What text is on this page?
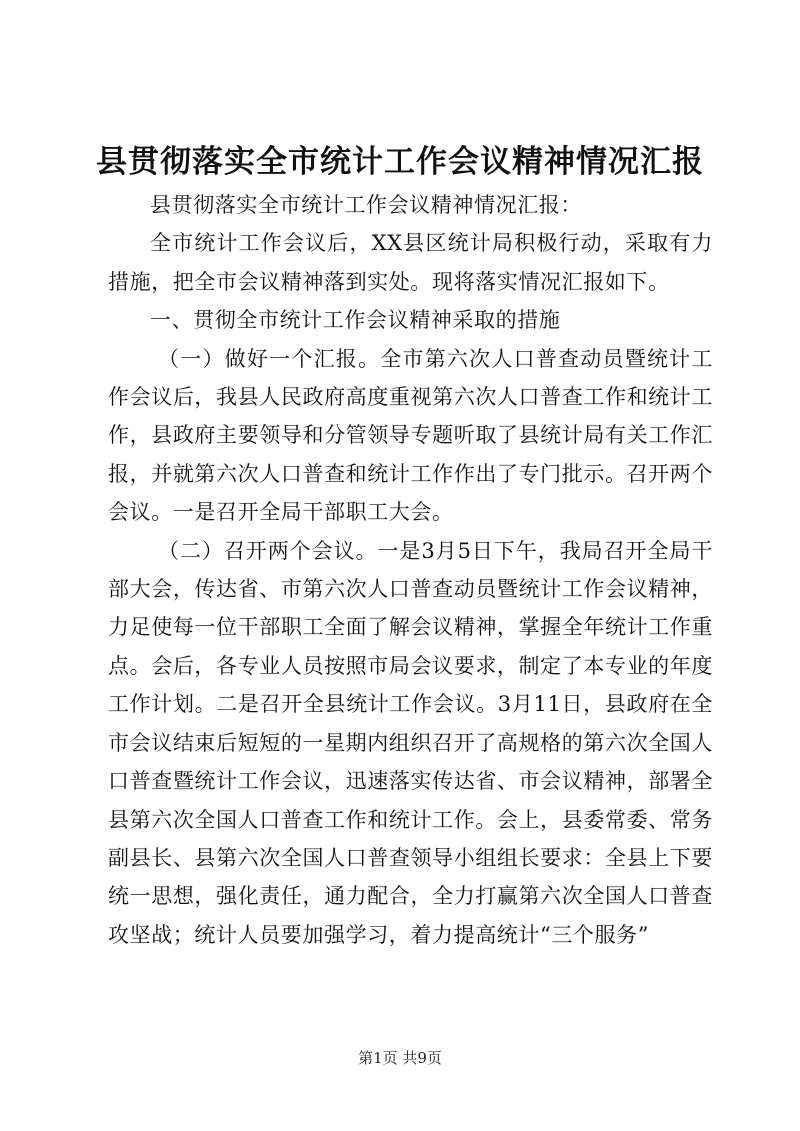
县贯彻落实全市统计工作会议精神情况汇报

县贯彻落实全市统计工作会议精神情况汇报：

全市统计工作会议后，XX县区统计局积极行动，采取有力措施，把全市会议精神落到实处。现将落实情况汇报如下。

一、贯彻全市统计工作会议精神采取的措施

（一）做好一个汇报。全市第六次人口普查动员暨统计工作会议后，我县人民政府高度重视第六次人口普查工作和统计工作，县政府主要领导和分管领导专题听取了县统计局有关工作汇报，并就第六次人口普查和统计工作作出了专门批示。召开两个会议。一是召开全局干部职工大会。

（二）召开两个会议。一是3月5日下午，我局召开全局干部大会，传达省、市第六次人口普查动员暨统计工作会议精神，力足使每一位干部职工全面了解会议精神，掌握全年统计工作重点。会后，各专业人员按照市局会议要求，制定了本专业的年度工作计划。二是召开全县统计工作会议。3月11日，县政府在全市会议结束后短短的一星期内组织召开了高规格的第六次全国人口普查暨统计工作会议，迅速落实传达省、市会议精神，部署全县第六次全国人口普查工作和统计工作。会上，县委常委、常务副县长、县第六次全国人口普查领导小组组长要求：全县上下要统一思想，强化责任，通力配合，全力打赢第六次全国人口普查攻坚战；统计人员要加强学习，着力提高统计“三个服务”

第1页 共9页
